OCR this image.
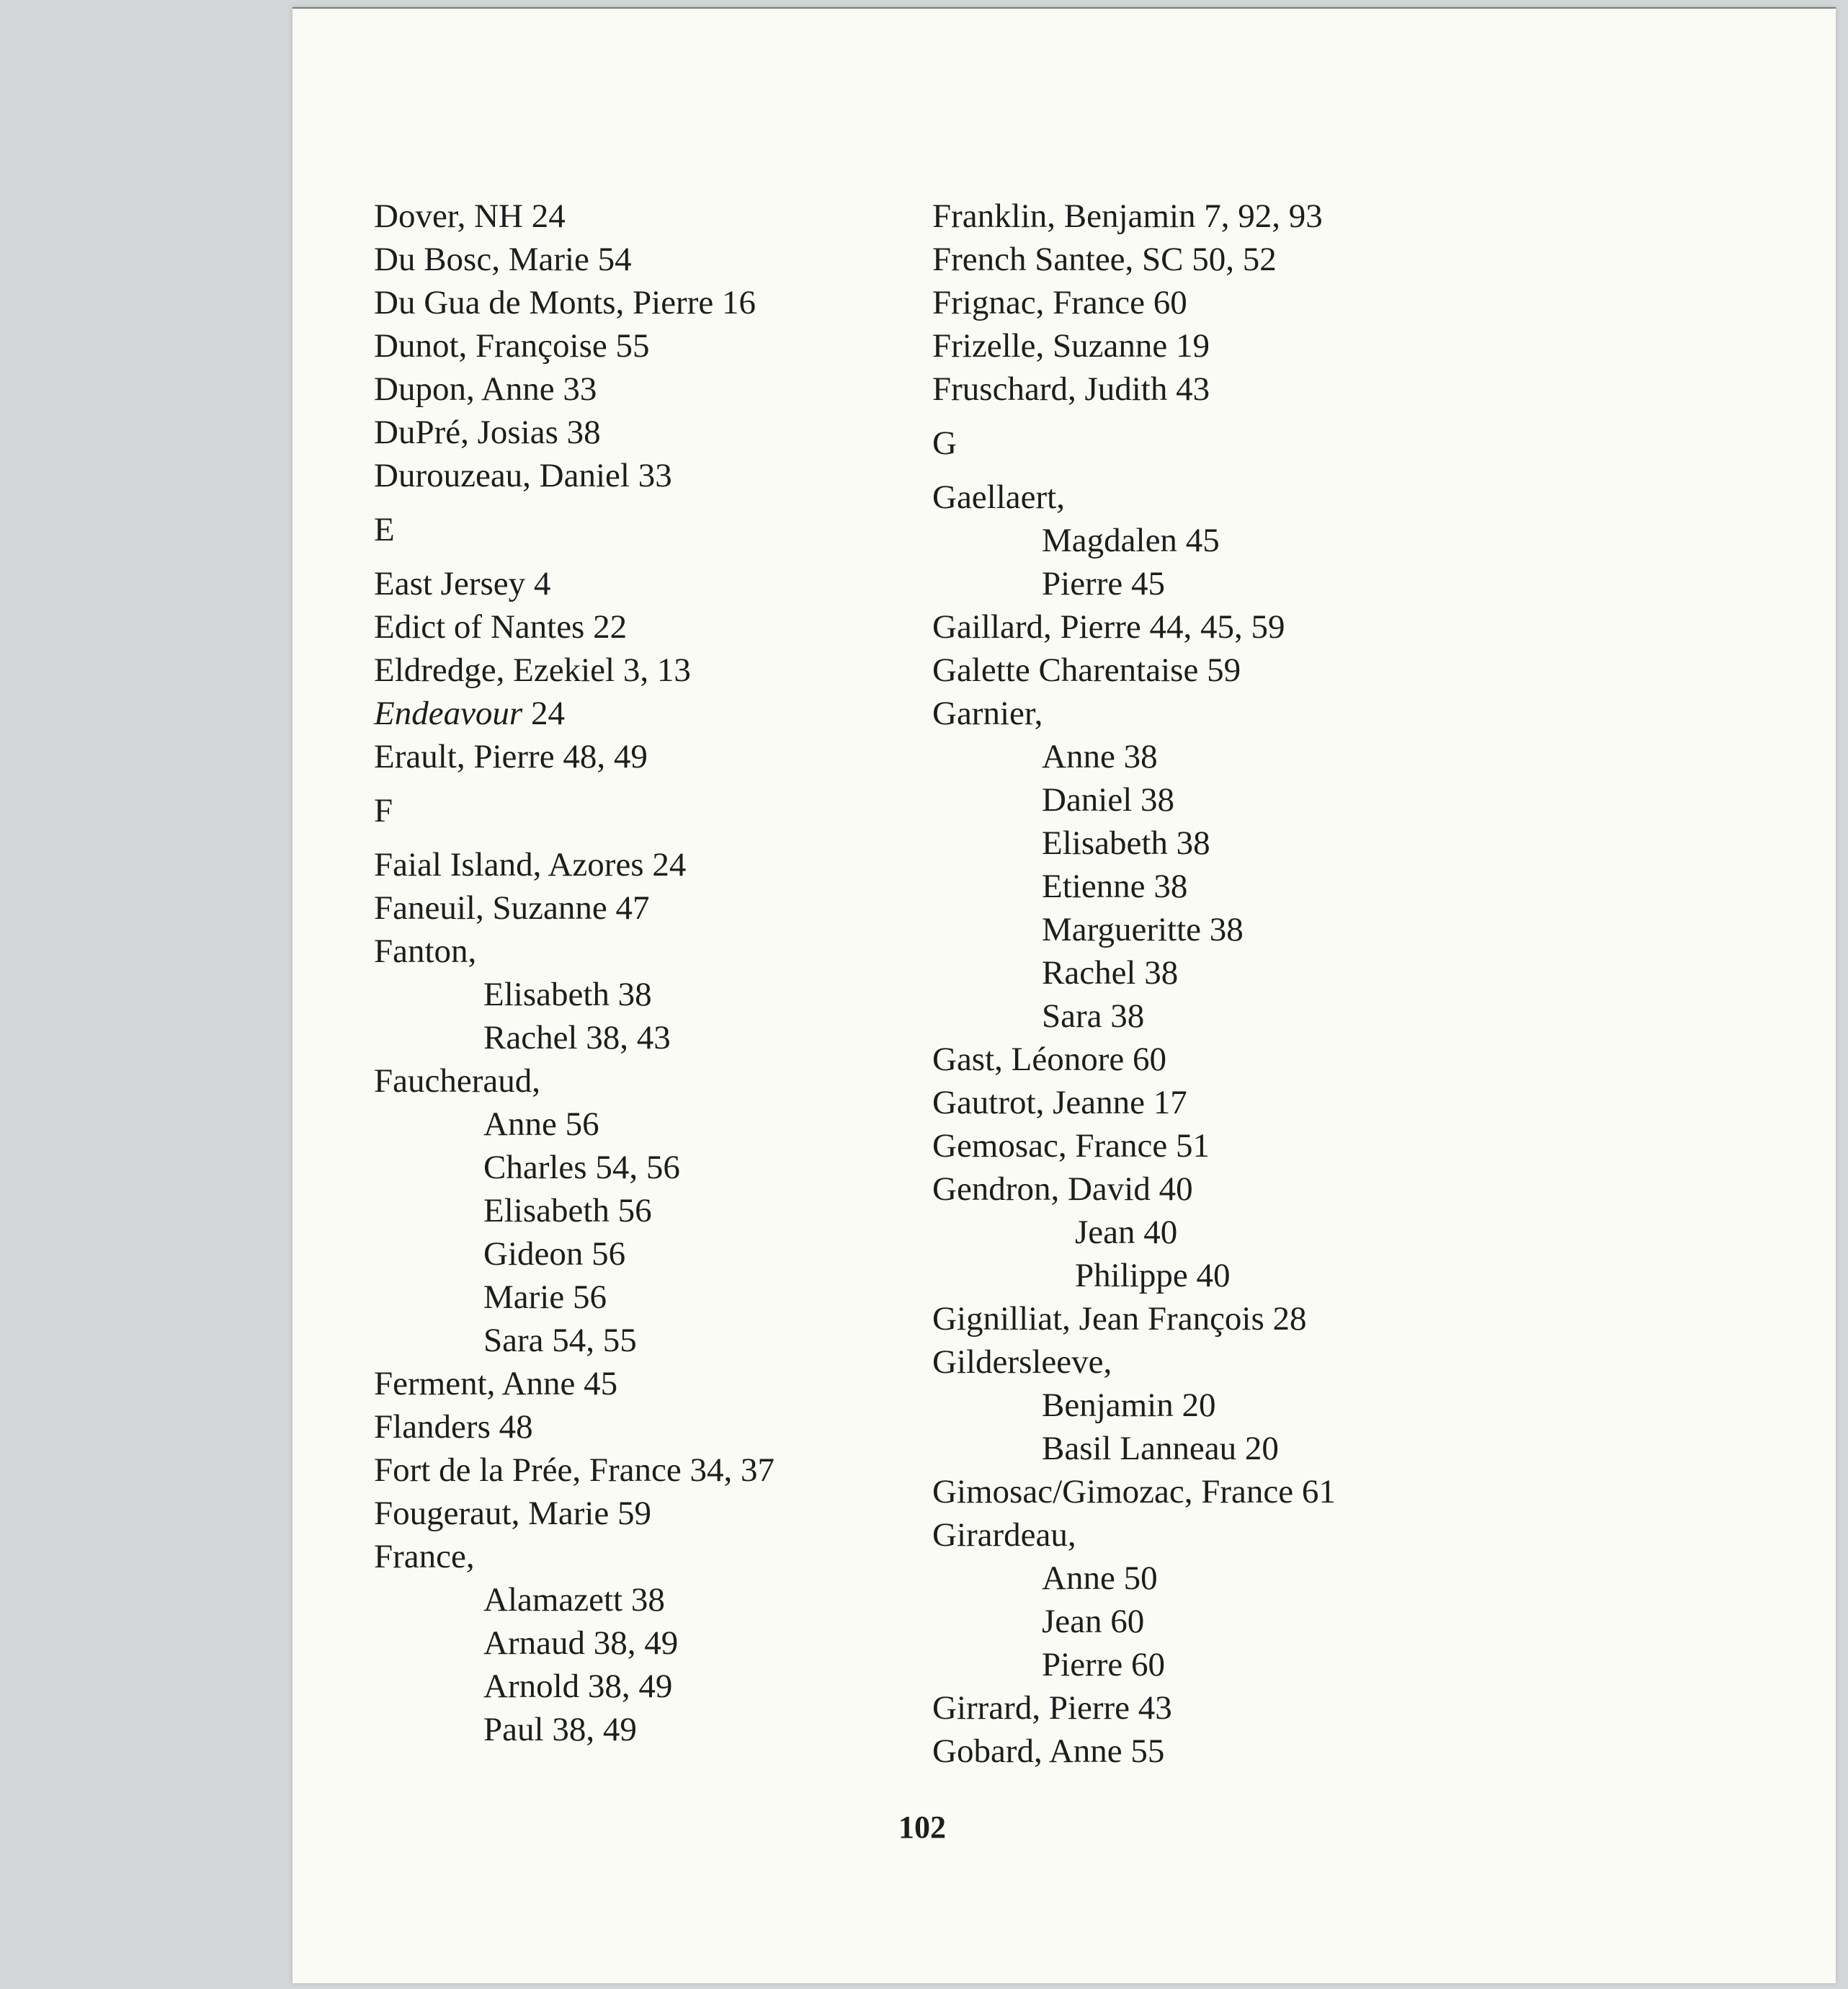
Dover, NH 24
Du Bosc, Marie 54
Du Gua de Monts, Pierre 16
Dunot, Françoise 55
Dupon, Anne 33
DuPré, Josias 38
Durouzeau, Daniel 33
E
East Jersey 4
Edict of Nantes 22
Eldredge, Ezekiel 3, 13
Endeavour 24
Erault, Pierre 48, 49
F
Faial Island, Azores 24
Faneuil, Suzanne 47
Fanton,
Elisabeth 38
Rachel 38, 43
Faucheraud,
Anne 56
Charles 54, 56
Elisabeth 56
Gideon 56
Marie 56
Sara 54, 55
Ferment, Anne 45
Flanders 48
Fort de la Prée, France 34, 37
Fougeraut, Marie 59
France,
Alamazett 38
Arnaud 38, 49
Arnold 38, 49
Paul 38, 49
Franklin, Benjamin 7, 92, 93
French Santee, SC 50, 52
Frignac, France 60
Frizelle, Suzanne 19
Fruschard, Judith 43
G
Gaellaert,
Magdalen 45
Pierre 45
Gaillard, Pierre 44, 45, 59
Galette Charentaise 59
Garnier,
Anne 38
Daniel 38
Elisabeth 38
Etienne 38
Margueritte 38
Rachel 38
Sara 38
Gast, Léonore 60
Gautrot, Jeanne 17
Gemosac, France 51
Gendron, David 40
Jean 40
Philippe 40
Gignilliat, Jean François 28
Gildersleeve,
Benjamin 20
Basil Lanneau 20
Gimosac/Gimozac, France 61
Girardeau,
Anne 50
Jean 60
Pierre 60
Girrard, Pierre 43
Gobard, Anne 55
102
